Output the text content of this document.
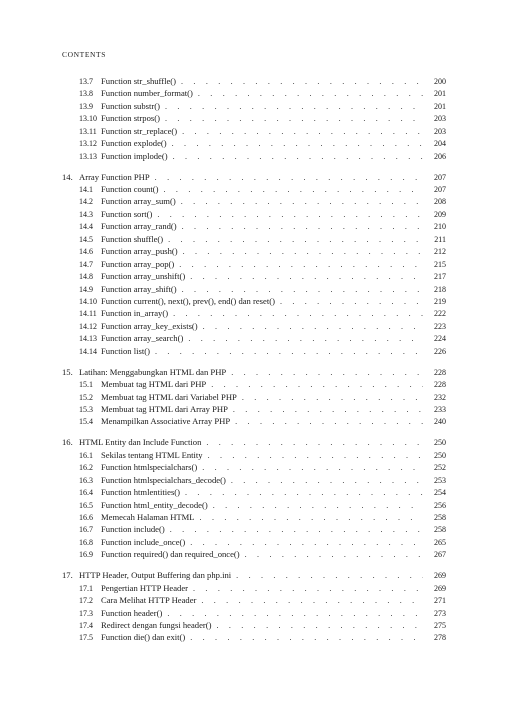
CONTENTS
13.7 Function str_shuffle() . . .	200
13.8 Function number_format() . . .	201
13.9 Function substr() . . .	201
13.10 Function strpos() . . .	203
13.11 Function str_replace() . . .	203
13.12 Function explode() . . .	204
13.13 Function implode() . . .	206
14. Array Function PHP . . .	207
14.1 Function count() . . .	207
14.2 Function array_sum() . . .	208
14.3 Function sort() . . .	209
14.4 Function array_rand() . . .	210
14.5 Function shuffle() . . .	211
14.6 Function array_push() . . .	212
14.7 Function array_pop() . . .	215
14.8 Function array_unshift() . . .	217
14.9 Function array_shift() . . .	218
14.10 Function current(), next(), prev(), end() dan reset() . . .	219
14.11 Function in_array() . . .	222
14.12 Function array_key_exists() . . .	223
14.13 Function array_search() . . .	224
14.14 Function list() . . .	226
15. Latihan: Menggabungkan HTML dan PHP . . .	228
15.1 Membuat tag HTML dari PHP . . .	228
15.2 Membuat tag HTML dari Variabel PHP . . .	232
15.3 Membuat tag HTML dari Array PHP . . .	233
15.4 Menampilkan Associative Array PHP . . .	240
16. HTML Entity dan Include Function . . .	250
16.1 Sekilas tentang HTML Entity . . .	250
16.2 Function htmlspecialchars() . . .	252
16.3 Function htmlspecialchars_decode() . . .	253
16.4 Function htmlentities() . . .	254
16.5 Function html_entity_decode() . . .	256
16.6 Memecah Halaman HTML . . .	258
16.7 Function include() . . .	258
16.8 Function include_once() . . .	265
16.9 Function required() dan required_once() . . .	267
17. HTTP Header, Output Buffering dan php.ini . . .	269
17.1 Pengertian HTTP Header . . .	269
17.2 Cara Melihat HTTP Header . . .	271
17.3 Function header() . . .	273
17.4 Redirect dengan fungsi header() . . .	275
17.5 Function die() dan exit() . . .	278
